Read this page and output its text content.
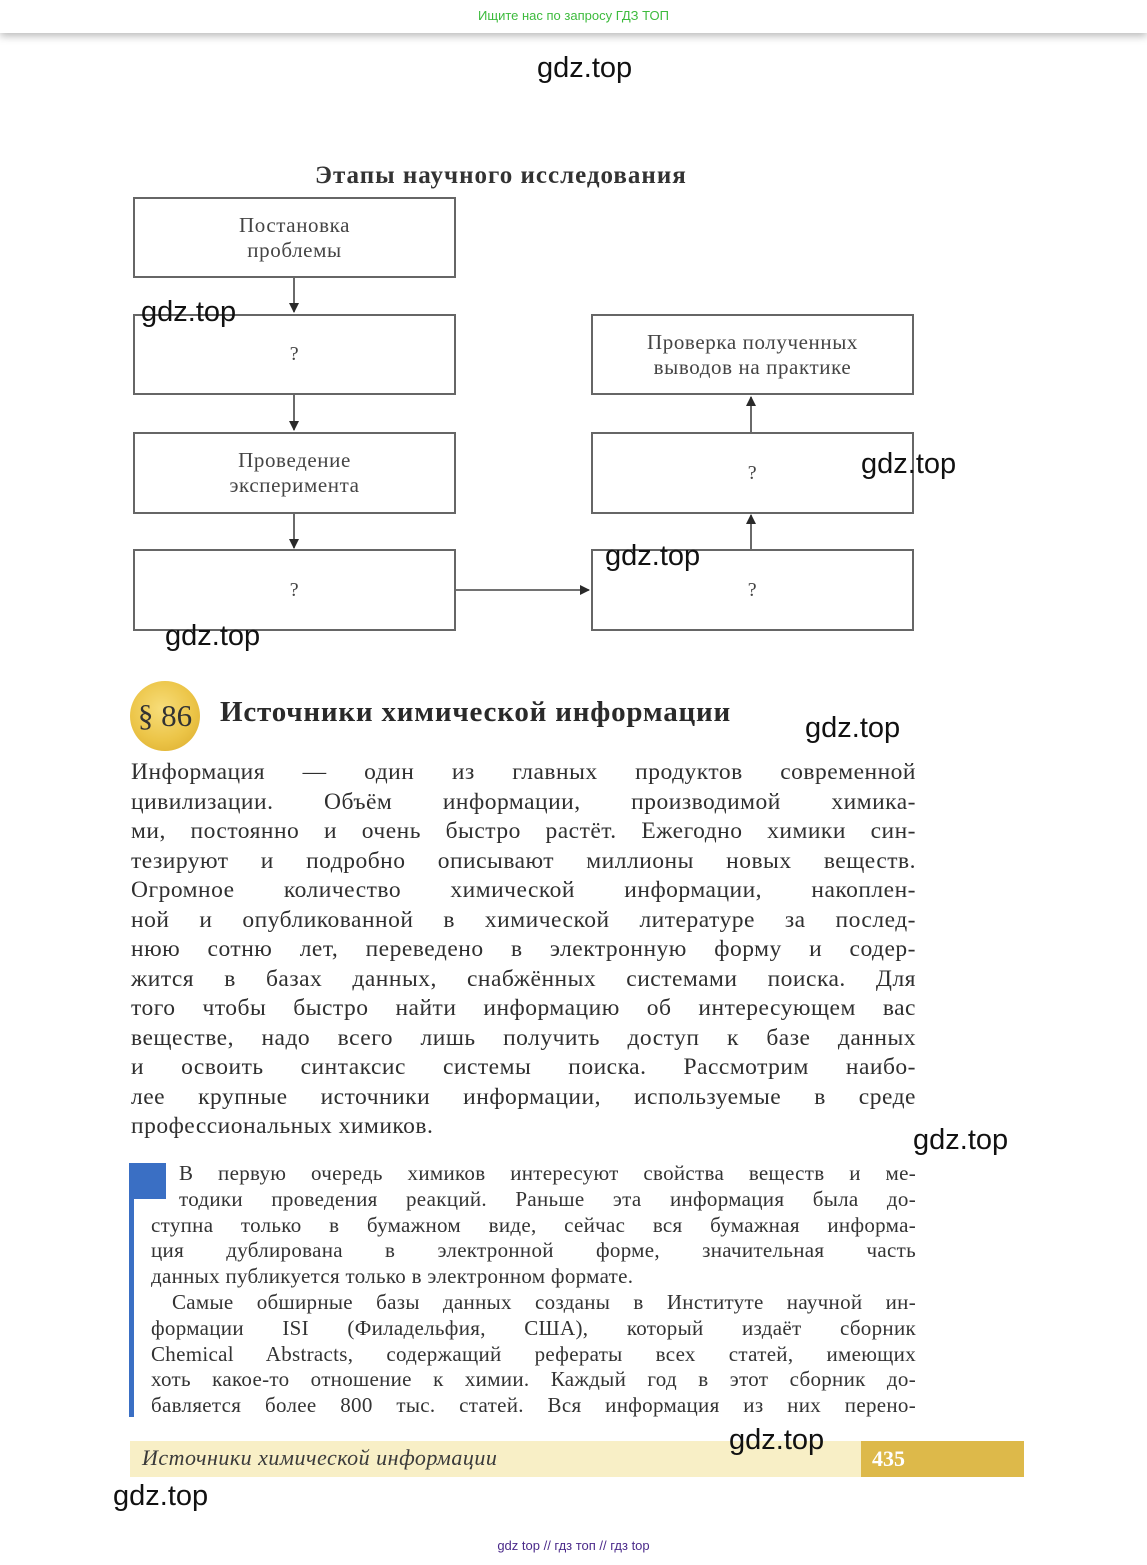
Ищите нас по запросу ГДЗ ТОП
Этапы научного исследования
Постановка
проблемы
?
Проведение
эксперимента
?
Проверка полученных
выводов на практике
?
?
§ 86 Источники химической информации
Информация — один из главных продуктов современной
цивилизации. Объём информации, производимой химика-
ми, постоянно и очень быстро растёт. Ежегодно химики син-
тезируют и подробно описывают миллионы новых веществ.
Огромное количество химической информации, накоплен-
ной и опубликованной в химической литературе за послед-
нюю сотню лет, переведено в электронную форму и содер-
жится в базах данных, снабжённых системами поиска. Для
того чтобы быстро найти информацию об интересующем вас
веществе, надо всего лишь получить доступ к базе данных
и освоить синтаксис системы поиска. Рассмотрим наибо-
лее крупные источники информации, используемые в среде
профессиональных химиков.
В первую очередь химиков интересуют свойства веществ и ме-
тодики проведения реакций. Раньше эта информация была до-
ступна только в бумажном виде, сейчас вся бумажная информа-
ция дублирована в электронной форме, значительная часть
данных публикуется только в электронном формате.
Самые обширные базы данных созданы в Институте научной ин-
формации ISI (Филадельфия, США), который издаёт сборник
Chemical Abstracts, содержащий рефераты всех статей, имеющих
хоть какое-то отношение к химии. Каждый год в этот сборник до-
бавляется более 800 тыс. статей. Вся информация из них перено-
Источники химической информации	435
gdz.top
gdz.top
gdz.top
gdz.top
gdz.top
gdz.top
gdz.top
gdz.top
gdz.top
gdz top // гдз топ // гдз top
